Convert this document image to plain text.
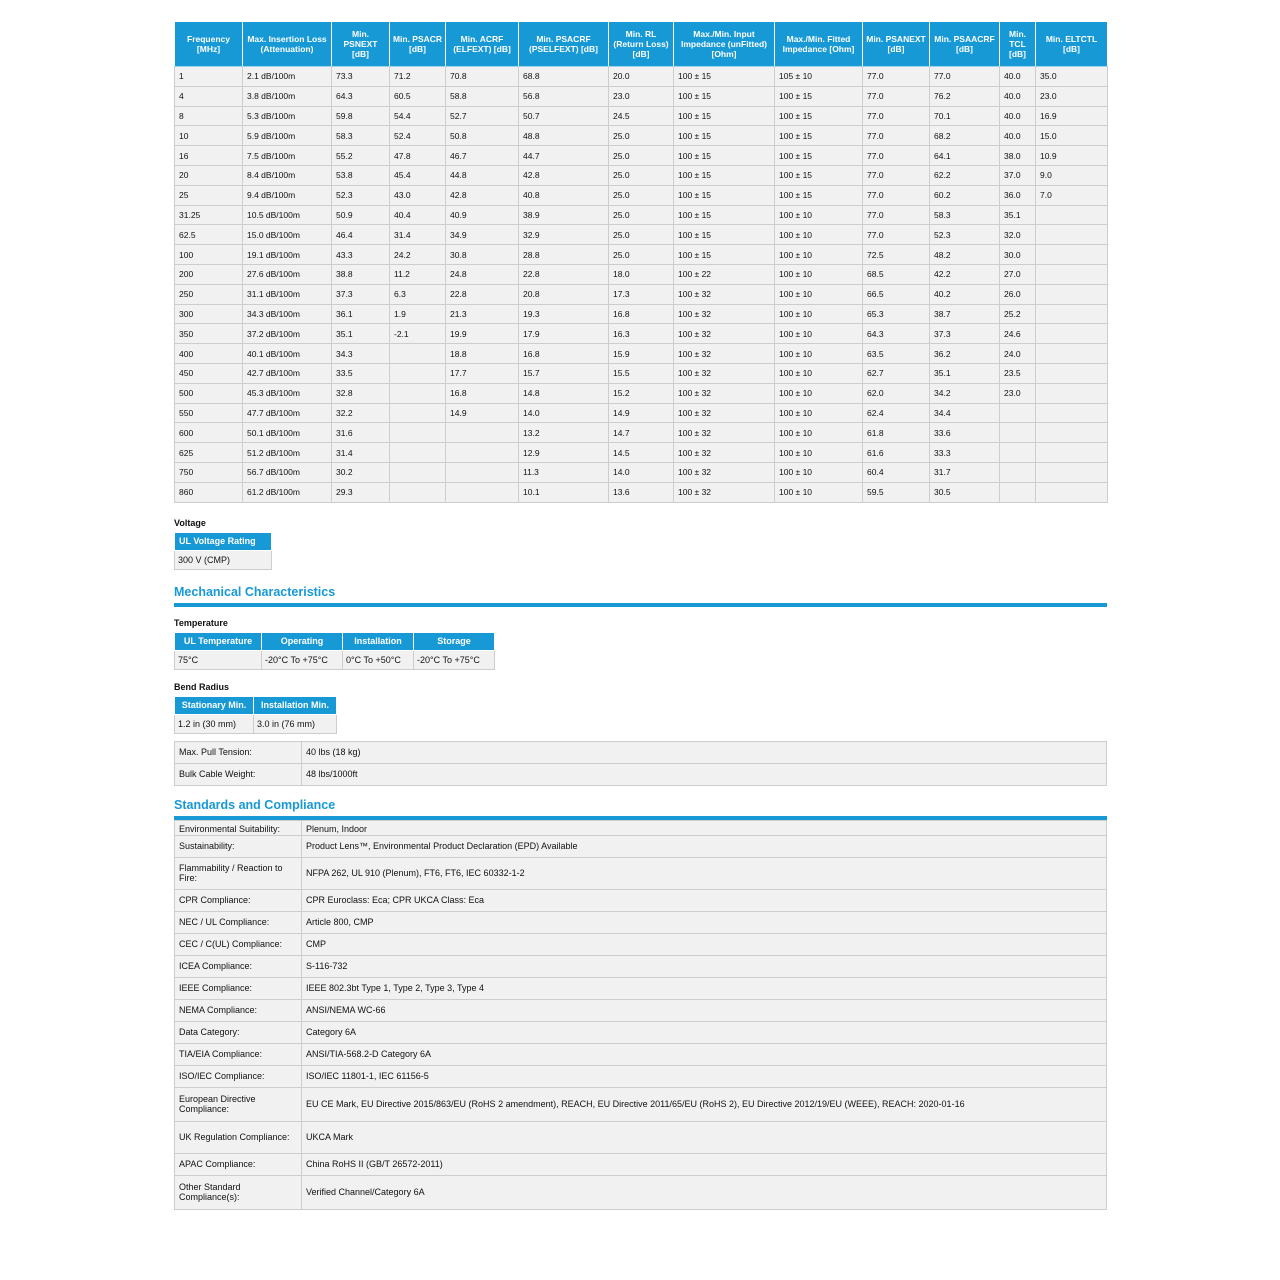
Frequency [MHz]	Max. Insertion Loss (Attenuation)	Min. PSNEXT [dB]	Min. PSACR [dB]	Min. ACRF (ELFEXT) [dB]	Min. PSACRF (PSELFEXT) [dB]	Min. RL (Return Loss) [dB]	Max./Min. Input Impedance (unFitted) [Ohm]	Max./Min. Fitted Impedance [Ohm]	Min. PSANEXT [dB]	Min. PSAACRF [dB]	Min. TCL [dB]	Min. ELTCTL [dB]
1	2.1 dB/100m	73.3	71.2	70.8	68.8	20.0	100 ± 15	105 ± 10	77.0	77.0	40.0	35.0
4	3.8 dB/100m	64.3	60.5	58.8	56.8	23.0	100 ± 15	100 ± 15	77.0	76.2	40.0	23.0
8	5.3 dB/100m	59.8	54.4	52.7	50.7	24.5	100 ± 15	100 ± 15	77.0	70.1	40.0	16.9
10	5.9 dB/100m	58.3	52.4	50.8	48.8	25.0	100 ± 15	100 ± 15	77.0	68.2	40.0	15.0
16	7.5 dB/100m	55.2	47.8	46.7	44.7	25.0	100 ± 15	100 ± 15	77.0	64.1	38.0	10.9
20	8.4 dB/100m	53.8	45.4	44.8	42.8	25.0	100 ± 15	100 ± 15	77.0	62.2	37.0	9.0
25	9.4 dB/100m	52.3	43.0	42.8	40.8	25.0	100 ± 15	100 ± 15	77.0	60.2	36.0	7.0
31.25	10.5 dB/100m	50.9	40.4	40.9	38.9	25.0	100 ± 15	100 ± 10	77.0	58.3	35.1	
62.5	15.0 dB/100m	46.4	31.4	34.9	32.9	25.0	100 ± 15	100 ± 10	77.0	52.3	32.0	
100	19.1 dB/100m	43.3	24.2	30.8	28.8	25.0	100 ± 15	100 ± 10	72.5	48.2	30.0	
200	27.6 dB/100m	38.8	11.2	24.8	22.8	18.0	100 ± 22	100 ± 10	68.5	42.2	27.0	
250	31.1 dB/100m	37.3	6.3	22.8	20.8	17.3	100 ± 32	100 ± 10	66.5	40.2	26.0	
300	34.3 dB/100m	36.1	1.9	21.3	19.3	16.8	100 ± 32	100 ± 10	65.3	38.7	25.2	
350	37.2 dB/100m	35.1	-2.1	19.9	17.9	16.3	100 ± 32	100 ± 10	64.3	37.3	24.6	
400	40.1 dB/100m	34.3		18.8	16.8	15.9	100 ± 32	100 ± 10	63.5	36.2	24.0	
450	42.7 dB/100m	33.5		17.7	15.7	15.5	100 ± 32	100 ± 10	62.7	35.1	23.5	
500	45.3 dB/100m	32.8		16.8	14.8	15.2	100 ± 32	100 ± 10	62.0	34.2	23.0	
550	47.7 dB/100m	32.2		14.9	14.0	14.9	100 ± 32	100 ± 10	62.4	34.4		
600	50.1 dB/100m	31.6			13.2	14.7	100 ± 32	100 ± 10	61.8	33.6		
625	51.2 dB/100m	31.4			12.9	14.5	100 ± 32	100 ± 10	61.6	33.3		
750	56.7 dB/100m	30.2			11.3	14.0	100 ± 32	100 ± 10	60.4	31.7		
860	61.2 dB/100m	29.3			10.1	13.6	100 ± 32	100 ± 10	59.5	30.5		

Voltage

UL Voltage Rating
300 V (CMP)

Mechanical Characteristics

Temperature

UL Temperature	Operating	Installation	Storage
75°C	-20°C To +75°C	0°C To +50°C	-20°C To +75°C

Bend Radius

Stationary Min.	Installation Min.
1.2 in (30 mm)	3.0 in (76 mm)
Max. Pull Tension:	40 lbs (18 kg)
Bulk Cable Weight:	48 lbs/1000ft

Standards and Compliance

Environmental Suitability:	Plenum, Indoor
Sustainability:	Product Lens™, Environmental Product Declaration (EPD) Available
Flammability / Reaction to Fire:	NFPA 262, UL 910 (Plenum), FT6, FT6, IEC 60332-1-2
CPR Compliance:	CPR Euroclass: Eca; CPR UKCA Class: Eca
NEC / UL Compliance:	Article 800, CMP
CEC / C(UL) Compliance:	CMP
ICEA Compliance:	S-116-732
IEEE Compliance:	IEEE 802.3bt Type 1, Type 2, Type 3, Type 4
NEMA Compliance:	ANSI/NEMA WC-66
Data Category:	Category 6A
TIA/EIA Compliance:	ANSI/TIA-568.2-D Category 6A
ISO/IEC Compliance:	ISO/IEC 11801-1, IEC 61156-5
European Directive Compliance:	EU CE Mark, EU Directive 2015/863/EU (RoHS 2 amendment), REACH, EU Directive 2011/65/EU (RoHS 2), EU Directive 2012/19/EU (WEEE), REACH: 2020-01-16
UK Regulation Compliance:	UKCA Mark
APAC Compliance:	China RoHS II (GB/T 26572-2011)
Other Standard Compliance(s):	Verified Channel/Category 6A
